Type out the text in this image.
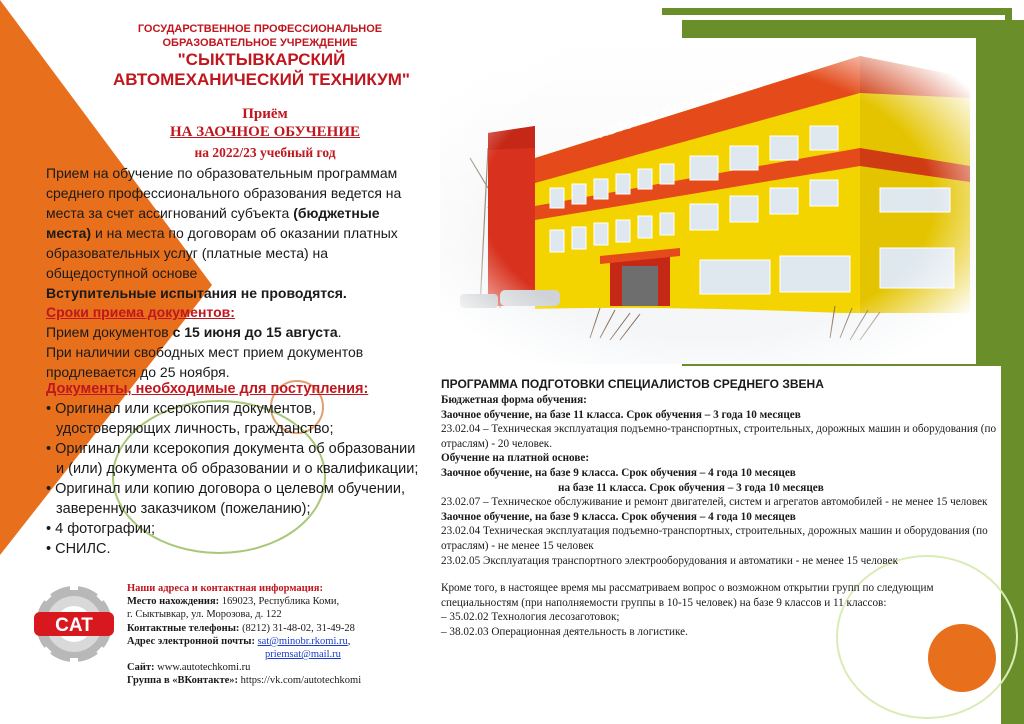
ГОСУДАРСТВЕННОЕ ПРОФЕССИОНАЛЬНОЕ ОБРАЗОВАТЕЛЬНОЕ УЧРЕЖДЕНИЕ
"СЫКТЫВКАРСКИЙ
АВТОМЕХАНИЧЕСКИЙ ТЕХНИКУМ"
Приём
НА ЗАОЧНОЕ ОБУЧЕНИЕ
на 2022/23 учебный год
Прием на обучение по образовательным программам среднего профессионального образования ведется на места за счет ассигнований субъекта (бюджетные места) и на места по договорам об оказании платных образовательных услуг (платные места) на общедоступной основе
Вступительные испытания не проводятся.
Сроки приема документов:
Прием документов с 15 июня до 15 августа.
При наличии свободных мест прием документов продлевается до 25 ноября.
Документы, необходимые для поступления:
• Оригинал или ксерокопия документов, удостоверяющих личность, гражданство;
• Оригинал или ксерокопия документа об образовании и (или) документа об образовании и о квалификации;
• Оригинал или копию договора о целевом обучении, заверенную заказчиком (пожеланию);
• 4 фотографии;
• СНИЛС.
ПРОГРАММА ПОДГОТОВКИ СПЕЦИАЛИСТОВ СРЕДНЕГО ЗВЕНА
Бюджетная форма обучения:
Заочное обучение, на базе 11 класса. Срок обучения – 3 года 10 месяцев
23.02.04 – Техническая эксплуатация подъемно-транспортных, строительных, дорожных машин и оборудования (по отраслям) - 20 человек.
Обучение на платной основе:
Заочное обучение, на базе 9 класса. Срок обучения – 4 года 10 месяцев
на базе 11 класса. Срок обучения – 3 года 10 месяцев
23.02.07 – Техническое обслуживание и ремонт двигателей, систем и агрегатов автомобилей - не менее 15 человек
Заочное обучение, на базе 9 класса. Срок обучения – 4 года 10 месяцев
23.02.04 Техническая эксплуатация подъемно-транспортных, строительных, дорожных машин и оборудования (по отраслям) - не менее 15 человек
23.02.05 Эксплуатация транспортного электрооборудования и автоматики - не менее 15 человек
Кроме того, в настоящее время мы рассматриваем вопрос о возможном открытии групп по следующим специальностям (при наполняемости группы в 10-15 человек) на базе 9 классов и 11 классов:
– 35.02.02 Технология лесозаготовок;
– 38.02.03 Операционная деятельность в логистике.
CAT
Наши адреса и контактная информация:
Место нахождения: 169023, Республика Коми,
г. Сыктывкар, ул. Морозова, д. 122
Контактные телефоны: (8212) 31-48-02, 31-49-28
Адрес электронной почты: sat@minobr.rkomi.ru,
priemsat@mail.ru
Сайт: www.autotechkomi.ru
Группа в «ВКонтакте»: https://vk.com/autotechkomi
